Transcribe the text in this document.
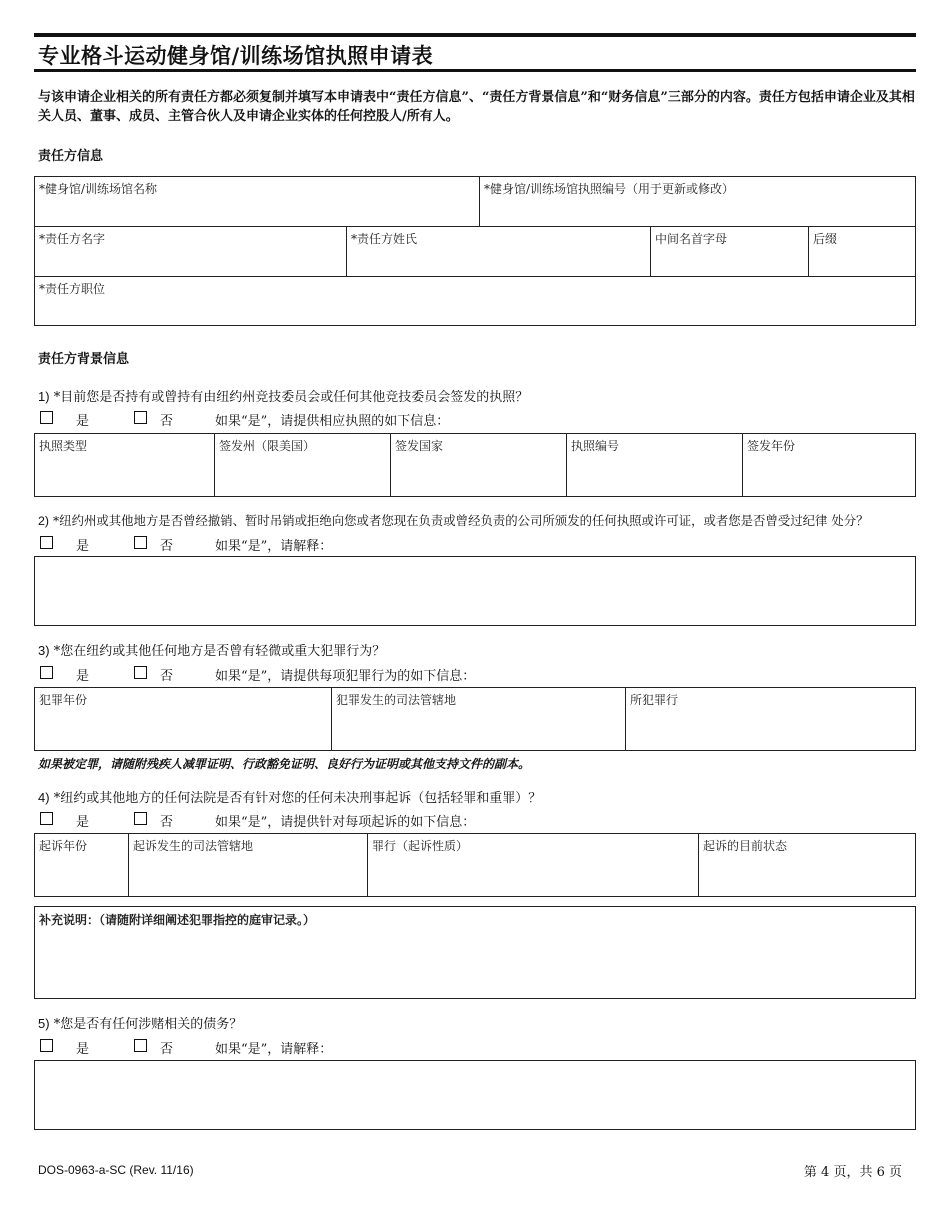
专业格斗运动健身馆/训练场馆执照申请表
与该申请企业相关的所有责任方都必须复制并填写本申请表中“责任方信息”、“责任方背景信息”和“财务信息”三部分的内容。责任方包括申请企业及其相关人员、董事、成员、主管合伙人及申请企业实体的任何控股人/所有人。
责任方信息
*健身馆/训练场馆名称	*健身馆/训练场馆执照编号（用于更新或修改）
*责任方名字	*责任方姓氏	中间名首字母	后缀
*责任方职位
责任方背景信息
1) *目前您是否持有或曾持有由纽约州竞技委员会或任何其他竞技委员会签发的执照？
是	否	如果“是”，请提供相应执照的如下信息：
执照类型	签发州（限美国）	签发国家	执照编号	签发年份
2) *纽约州或其他地方是否曾经撤销、暂时吊销或拒绝向您或者您现在负责或曾经负责的公司所颁发的任何执照或许可证，或者您是否曾受过纪律 处分？
是	否	如果“是”，请解释：
3) *您在纽约或其他任何地方是否曾有轻微或重大犯罪行为？
是	否	如果“是”，请提供每项犯罪行为的如下信息：
犯罪年份	犯罪发生的司法管辖地	所犯罪行
如果被定罪，请随附残疾人减罪证明、行政豁免证明、良好行为证明或其他支持文件的副本。
4) *纽约或其他地方的任何法院是否有针对您的任何未决刑事起诉（包括轻罪和重罪）？
是	否	如果“是”，请提供针对每项起诉的如下信息：
起诉年份	起诉发生的司法管辖地	罪行（起诉性质）	起诉的目前状态
补充说明：（请随附详细阐述犯罪指控的庭审记录。）
5) *您是否有任何涉赌相关的债务？
是	否	如果“是”，请解释：
DOS-0963-a-SC (Rev. 11/16)	第 4 页，共 6 页
